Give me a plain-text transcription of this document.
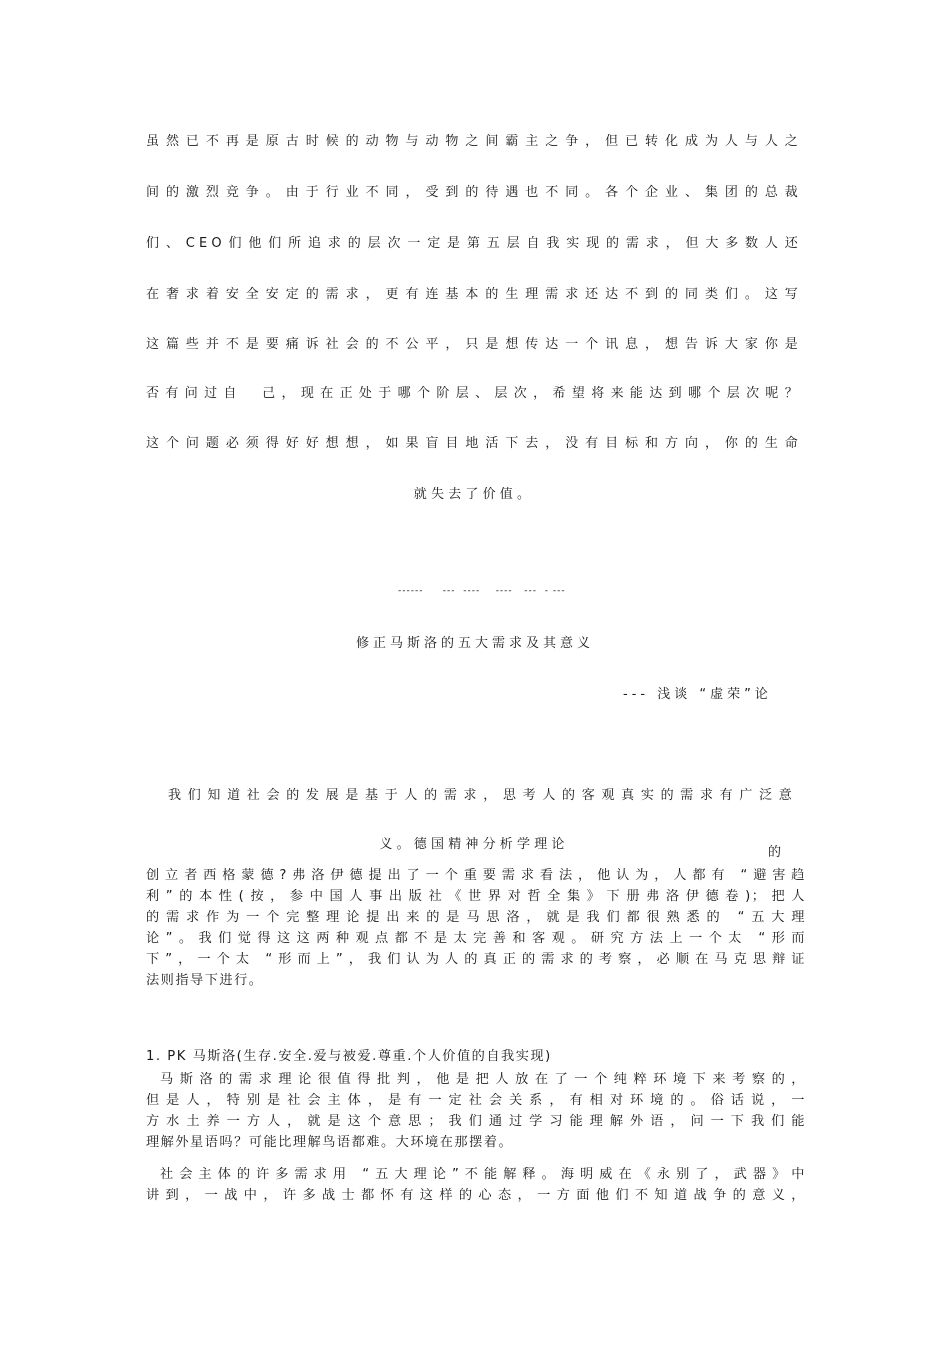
虽然已不再是原古时候的动物与动物之间霸主之争，但已转化成为人与人之
间的激烈竞争。由于行业不同，受到的待遇也不同。各个企业、集团的总裁
们、CEO们他们所追求的层次一定是第五层自我实现的需求，但大多数人还
在奢求着安全安定的需求，更有连基本的生理需求还达不到的同类们。这写
这篇些并不是要痛诉社会的不公平，只是想传达一个讯息，想告诉大家你是
否有问过自　己，现在正处于哪个阶层、层次，希望将来能达到哪个层次呢？
这个问题必须得好好想想，如果盲目地活下去，没有目标和方向，你的生命
就失去了价值。
------     ---  ----    ----   ---  - ---
修正马斯洛的五大需求及其意义
--- 浅谈 “虚荣”论
我们知道社会的发展是基于人的需求，思考人的客观真实的需求有广泛意
义。德国精神分析学理论
的
创立者西格蒙德?弗洛伊德提出了一个重要需求看法，他认为，人都有 “避害趋
利”的本性(按，参中国人事出版社《世界对哲全集》下册弗洛伊德卷)；把人
的需求作为一个完整理论提出来的是马思洛，就是我们都很熟悉的 “五大理
论”。我们觉得这这两种观点都不是太完善和客观。研究方法上一个太 “形而
下”，一个太 “形而上”，我们认为人的真正的需求的考察，必顺在马克思辩证
法则指导下进行。
1. PK 马斯洛(生存.安全.爱与被爱.尊重.个人价值的自我实现)
马斯洛的需求理论很值得批判，他是把人放在了一个纯粹环境下来考察的，
但是人，特别是社会主体，是有一定社会关系，有相对环境的。俗话说，一
方水土养一方人，就是这个意思；我们通过学习能理解外语，问一下我们能
理解外星语吗？可能比理解鸟语都难。大环境在那摆着。
社会主体的许多需求用 “五大理论”不能解释。海明威在《永别了，武器》中
讲到，一战中，许多战士都怀有这样的心态，一方面他们不知道战争的意义，
